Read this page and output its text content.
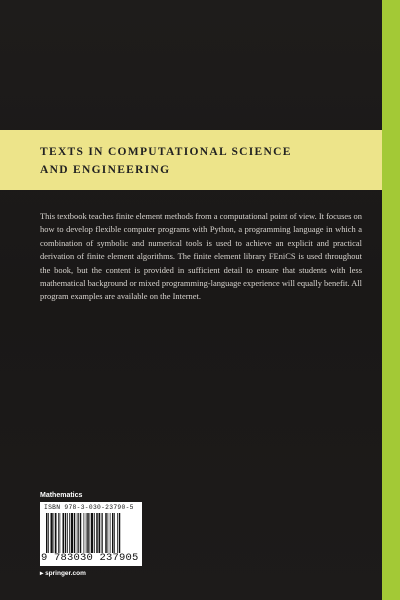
TEXTS IN COMPUTATIONAL SCIENCE
AND ENGINEERING
This textbook teaches finite element methods from a computational point of view. It focuses on how to develop flexible computer programs with Python, a programming language in which a combination of symbolic and numerical tools is used to achieve an explicit and practical derivation of finite element algorithms. The finite element library FEniCS is used throughout the book, but the content is provided in sufficient detail to ensure that students with less mathematical background or mixed programming-language experience will equally benefit. All program examples are available on the Internet.
Mathematics
ISBN 978-3-030-23790-5
9 783030 237905
▸ springer.com
